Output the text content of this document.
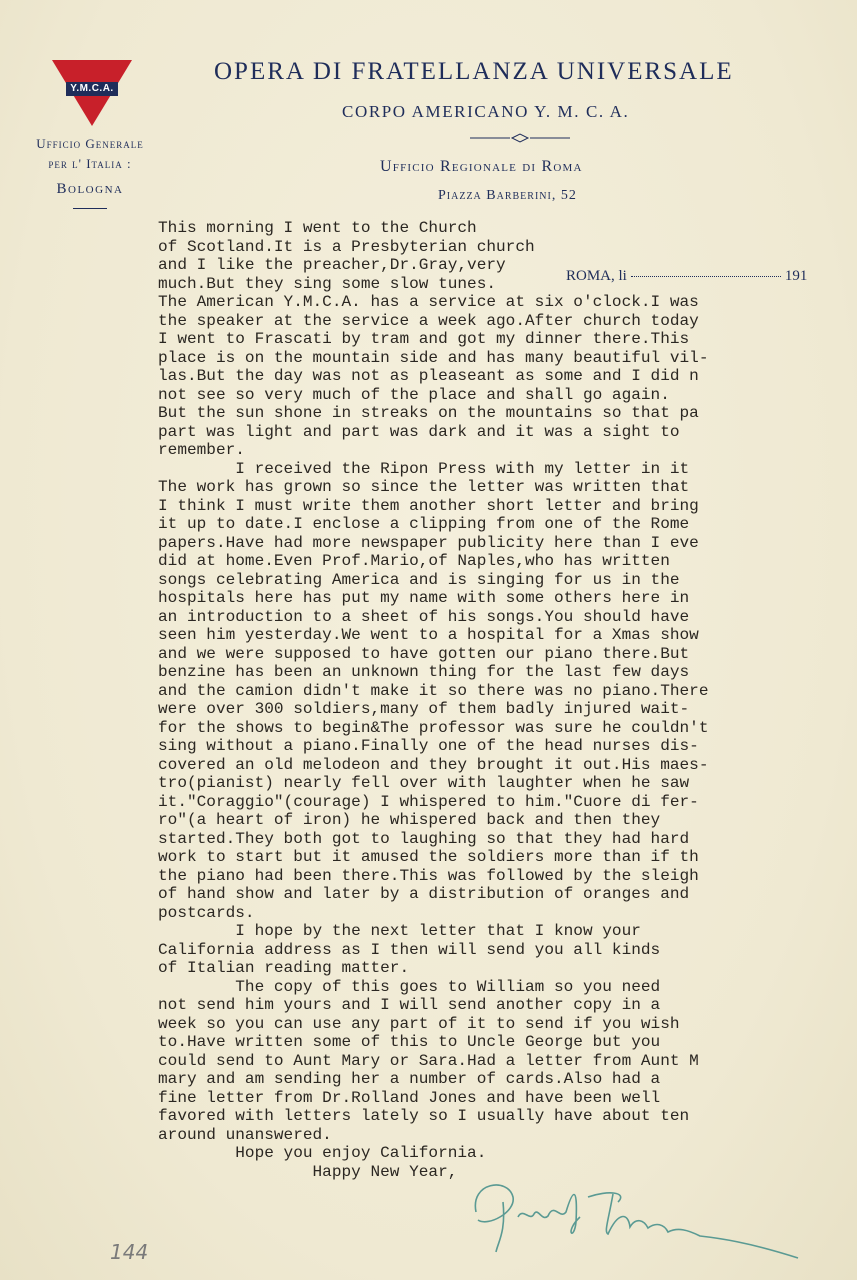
Y.M.C.A.
OPERA DI FRATELLANZA UNIVERSALE
CORPO AMERICANO Y. M. C. A.
Ufficio Generale
per l' Italia :
Bologna
Ufficio Regionale di Roma
Piazza Barberini, 52
ROMA, li	191
This morning I went to the Church
of Scotland.It is a Presbyterian church
and I like the preacher,Dr.Gray,very
much.But they sing some slow tunes.
The American Y.M.C.A. has a service at six o'clock.I was
the speaker at the service a week ago.After church today
I went to Frascati by tram and got my dinner there.This
place is on the mountain side and has many beautiful vil-
las.But the day was not as pleaseant as some and I did n
not see so very much of the place and shall go again.
But the sun shone in streaks on the mountains so that pa
part was light and part was dark and it was a sight to
remember.
I received the Ripon Press with my letter in it
The work has grown so since the letter was written that
I think I must write them another short letter and bring
it up to date.I enclose a clipping from one of the Rome
papers.Have had more newspaper publicity here than I eve
did at home.Even Prof.Mario,of Naples,who has written
songs celebrating America and is singing for us in the
hospitals here has put my name with some others here in
an introduction to a sheet of his songs.You should have
seen him yesterday.We went to a hospital for a Xmas show
and we were supposed to have gotten our piano there.But
benzine has been an unknown thing for the last few days
and the camion didn't make it so there was no piano.There
were over 300 soldiers,many of them badly injured wait-
for the shows to begin&The professor was sure he couldn't
sing without a piano.Finally one of the head nurses dis-
covered an old melodeon and they brought it out.His maes-
tro(pianist) nearly fell over with laughter when he saw
it."Coraggio"(courage) I whispered to him."Cuore di fer-
ro"(a heart of iron) he whispered back and then they
started.They both got to laughing so that they had hard
work to start but it amused the soldiers more than if th
the piano had been there.This was followed by the sleigh
of hand show and later by a distribution of oranges and
postcards.
I hope by the next letter that I know your
California address as I then will send you all kinds
of Italian reading matter.
The copy of this goes to William so you need
not send him yours and I will send another copy in a
week so you can use any part of it to send if you wish
to.Have written some of this to Uncle George but you
could send to Aunt Mary or Sara.Had a letter from Aunt M
mary and am sending her a number of cards.Also had a
fine letter from Dr.Rolland Jones and have been well
favored with letters lately so I usually have about ten
around unanswered.
Hope you enjoy California.
Happy New Year,
144
